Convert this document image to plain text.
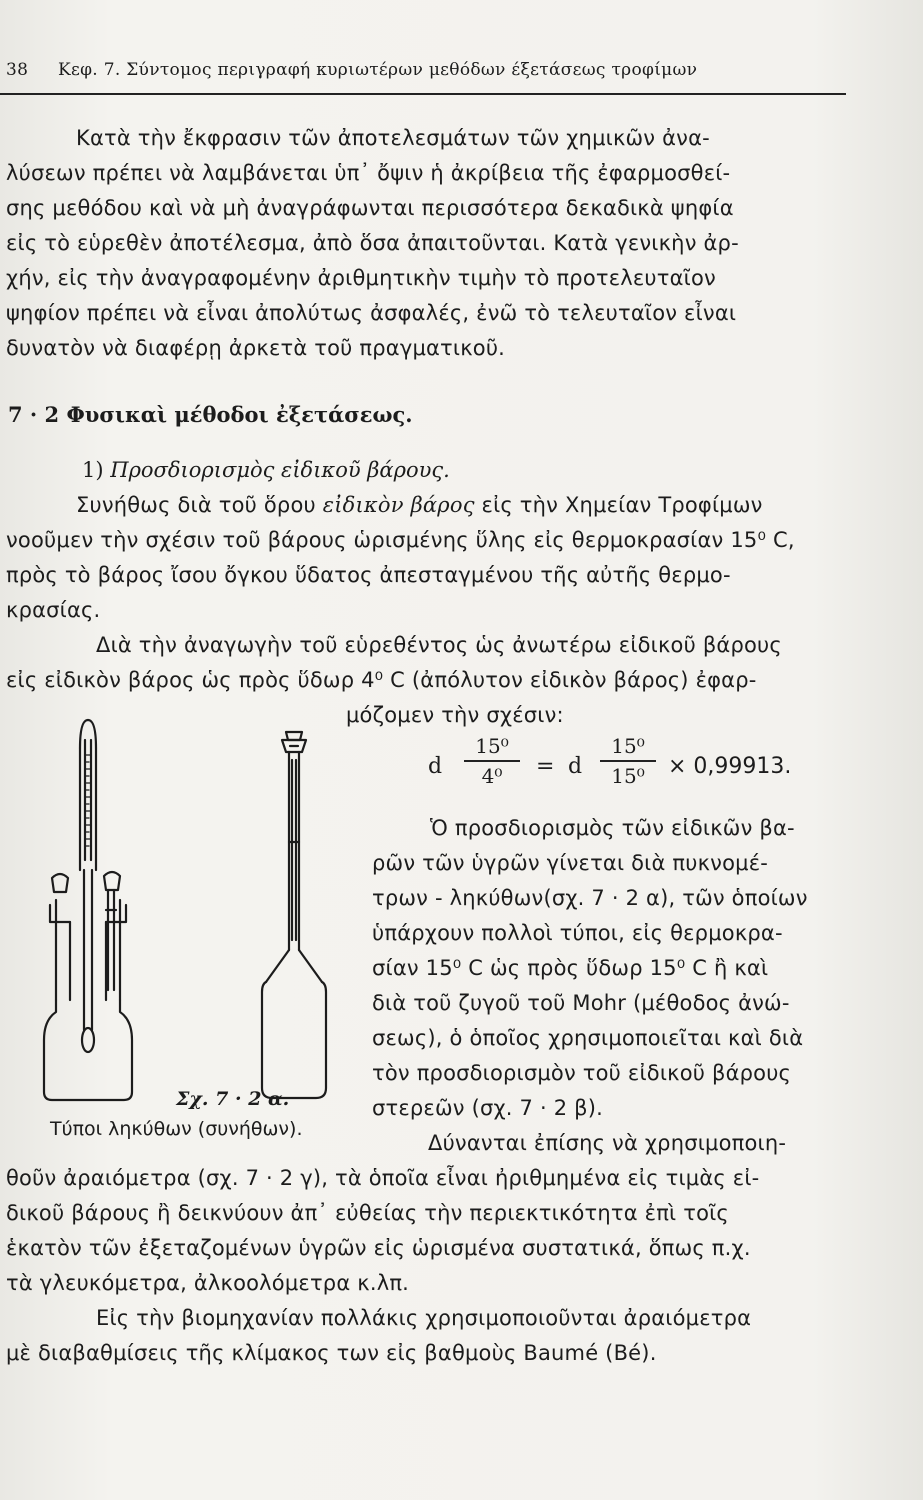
38 Κεφ. 7. Σύντομος περιγραφή κυριωτέρων μεθόδων έξετάσεως τροφίμων
Κατὰ τὴν ἔκφρασιν τῶν ἀποτελεσμάτων τῶν χημικῶν ἀνα-
λύσεων πρέπει νὰ λαμβάνεται ὑπ᾽ ὄψιν ἡ ἀκρίβεια τῆς ἐφαρμοσθεί-
σης μεθόδου καὶ νὰ μὴ ἀναγράφωνται περισσότερα δεκαδικὰ ψηφία
εἰς τὸ εὑρεθὲν ἀποτέλεσμα, ἀπὸ ὅσα ἀπαιτοῦνται. Κατὰ γενικὴν ἀρ-
χήν, εἰς τὴν ἀναγραφομένην ἀριθμητικὴν τιμὴν τὸ προτελευταῖον
ψηφίον πρέπει νὰ εἶναι ἀπολύτως ἀσφαλές, ἐνῶ τὸ τελευταῖον εἶναι
δυνατὸν νὰ διαφέρῃ ἀρκετὰ τοῦ πραγματικοῦ.
7 · 2 Φυσικαὶ μέθοδοι ἐξετάσεως.
1) Προσδιορισμὸς εἰδικοῦ βάρους.
Συνήθως διὰ τοῦ ὅρου εἰδικὸν βάρος εἰς τὴν Χημείαν Τροφίμων
νοοῦμεν τὴν σχέσιν τοῦ βάρους ὡρισμένης ὕλης εἰς θερμοκρασίαν 15⁰ C,
πρὸς τὸ βάρος ἴσου ὄγκου ὕδατος ἀπεσταγμένου τῆς αὐτῆς θερμο-
κρασίας.
Διὰ τὴν ἀναγωγὴν τοῦ εὑρεθέντος ὡς ἀνωτέρω εἰδικοῦ βάρους
εἰς εἰδικὸν βάρος ὡς πρὸς ὕδωρ 4⁰ C (ἀπόλυτον εἰδικὸν βάρος) ἐφαρ-
μόζομεν τὴν σχέσιν:
d
15⁰
4⁰	= d
15⁰
15⁰	× 0,99913.
Σχ. 7 · 2 α.
Τύποι ληκύθων (συνήθων).
Ὁ προσδιορισμὸς τῶν εἰδικῶν βα-
ρῶν τῶν ὑγρῶν γίνεται διὰ πυκνομέ-
τρων - ληκύθων(σχ. 7 · 2 α), τῶν ὁποίων
ὑπάρχουν πολλοὶ τύποι, εἰς θερμοκρα-
σίαν 15⁰ C ὡς πρὸς ὕδωρ 15⁰ C ἢ καὶ
διὰ τοῦ ζυγοῦ τοῦ Mohr (μέθοδος ἀνώ-
σεως), ὁ ὁποῖος χρησιμοποιεῖται καὶ διὰ
τὸν προσδιορισμὸν τοῦ εἰδικοῦ βάρους
στερεῶν (σχ. 7 · 2 β).
Δύνανται ἐπίσης νὰ χρησιμοποιη-
θοῦν ἀραιόμετρα (σχ. 7 · 2 γ), τὰ ὁποῖα εἶναι ἠριθμημένα εἰς τιμὰς εἰ-
δικοῦ βάρους ἢ δεικνύουν ἀπ᾽ εὐθείας τὴν περιεκτικότητα ἐπὶ τοῖς
ἑκατὸν τῶν ἐξεταζομένων ὑγρῶν εἰς ὡρισμένα συστατικά, ὅπως π.χ.
τὰ γλευκόμετρα, ἀλκοολόμετρα κ.λπ.
Εἰς τὴν βιομηχανίαν πολλάκις χρησιμοποιοῦνται ἀραιόμετρα
μὲ διαβαθμίσεις τῆς κλίμακος των εἰς βαθμοὺς Baumé (Bé).
